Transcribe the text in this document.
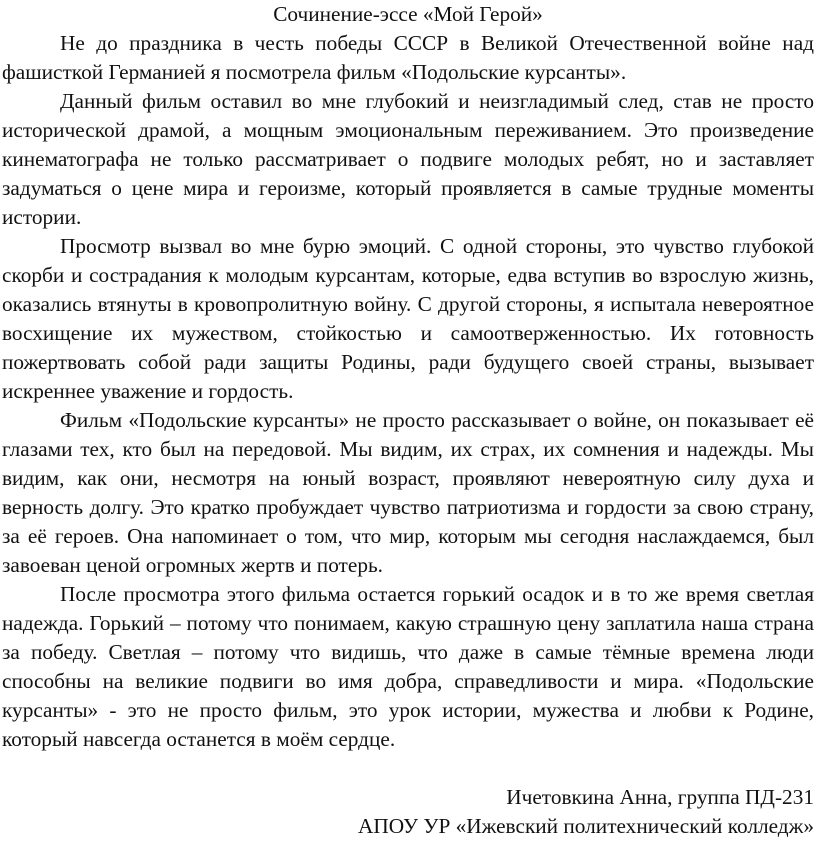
Сочинение-эссе «Мой Герой»

Не до праздника в честь победы СССР в Великой Отечественной войне над фашисткой Германией я посмотрела фильм «Подольские курсанты».

Данный фильм оставил во мне глубокий и неизгладимый след, став не просто исторической драмой, а мощным эмоциональным переживанием. Это произведение кинематографа не только рассматривает о подвиге молодых ребят, но и заставляет задуматься о цене мира и героизме, который проявляется в самые трудные моменты истории.

Просмотр вызвал во мне бурю эмоций. С одной стороны, это чувство глубокой скорби и сострадания к молодым курсантам, которые, едва вступив во взрослую жизнь, оказались втянуты в кровопролитную войну. С другой стороны, я испытала невероятное восхищение их мужеством, стойкостью и самоотверженностью. Их готовность пожертвовать собой ради защиты Родины, ради будущего своей страны, вызывает искреннее уважение и гордость.

Фильм «Подольские курсанты» не просто рассказывает о войне, он показывает её глазами тех, кто был на передовой. Мы видим, их страх, их сомнения и надежды. Мы видим, как они, несмотря на юный возраст, проявляют невероятную силу духа и верность долгу. Это кратко пробуждает чувство патриотизма и гордости за свою страну, за её героев. Она напоминает о том, что мир, которым мы сегодня наслаждаемся, был завоеван ценой огромных жертв и потерь.

После просмотра этого фильма остается горький осадок и в то же время светлая надежда. Горький – потому что понимаем, какую страшную цену заплатила наша страна за победу. Светлая – потому что видишь, что даже в самые тёмные времена люди способны на великие подвиги во имя добра, справедливости и мира. «Подольские курсанты» - это не просто фильм, это урок истории, мужества и любви к Родине, который навсегда останется в моём сердце.

Ичетовкина Анна, группа ПД-231

АПОУ УР «Ижевский политехнический колледж»
